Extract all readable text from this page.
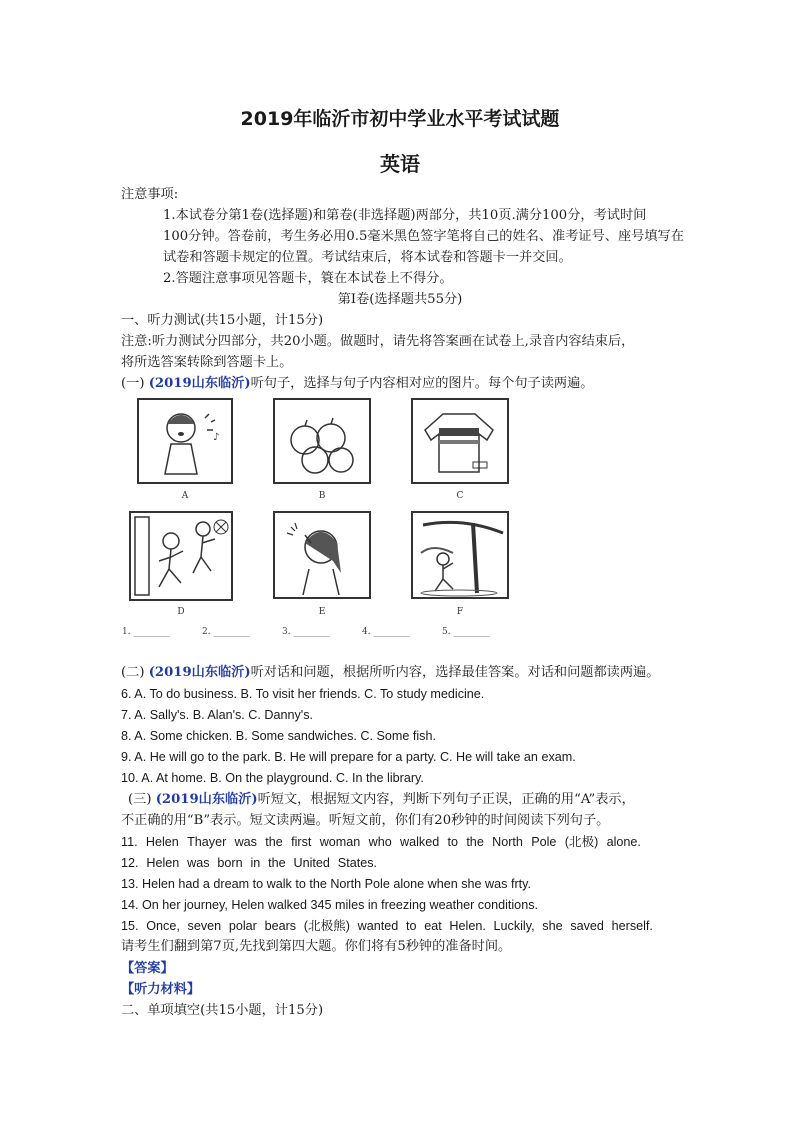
2019年临沂市初中学业水平考试试题
英语
注意事项:
1.本试卷分第1卷(选择题)和第卷(非选择题)两部分，共10页.满分100分，考试时间
100分钟。答卷前，考生务必用0.5毫米黑色签字笔将自己的姓名、准考证号、座号填写在
试卷和答题卡规定的位置。考试结束后，将本试卷和答题卡一并交回。
2.答题注意事项见答题卡，簑在本试卷上不得分。
第I卷(选择题共55分)
一、听力测试(共15小题，计15分)
注意:听力测试分四部分，共20小题。做题时，请先将答案画在试卷上,录音内容结束后，
将所选答案转除到答题卡上。
(一) (2019山东临沂)听句子，选择与句子内容相对应的图片。每个句子读两遍。
♪
A	B	C
D	E	F
1. ________	2. ________	3. ________	4. ________	5. ________
(二) (2019山东临沂)听对话和问题，根据所听内容，选择最佳答案。对话和问题都读两遍。
6. A. To do business. B. To visit her friends. C. To study medicine.
7. A. Sally's. B. Alan's. C. Danny's.
8. A. Some chicken. B. Some sandwiches. C. Some fish.
9. A. He will go to the park. B. He will prepare for a party. C. He will take an exam.
10. A. At home. B. On the playground. C. In the library.
(三) (2019山东临沂)听短文，根据短文内容，判断下列句子正误，正确的用“A”表示，
不正确的用“B”表示。短文读两遍。听短文前，你们有20秒钟的时间阅读下列句子。
11. Helen Thayer was the first woman who walked to the North Pole (北极) alone.
12. Helen was born in the United States.
13. Helen had a dream to walk to the North Pole alone when she was frty.
14. On her journey, Helen walked 345 miles in freezing weather conditions.
15. Once, seven polar bears (北极熊) wanted to eat Helen. Luckily, she saved herself.
请考生们翻到第7页,先找到第四大题。你们将有5秒钟的准备时间。
【答案】
【听力材料】
二、单项填空(共15小题，计15分)
